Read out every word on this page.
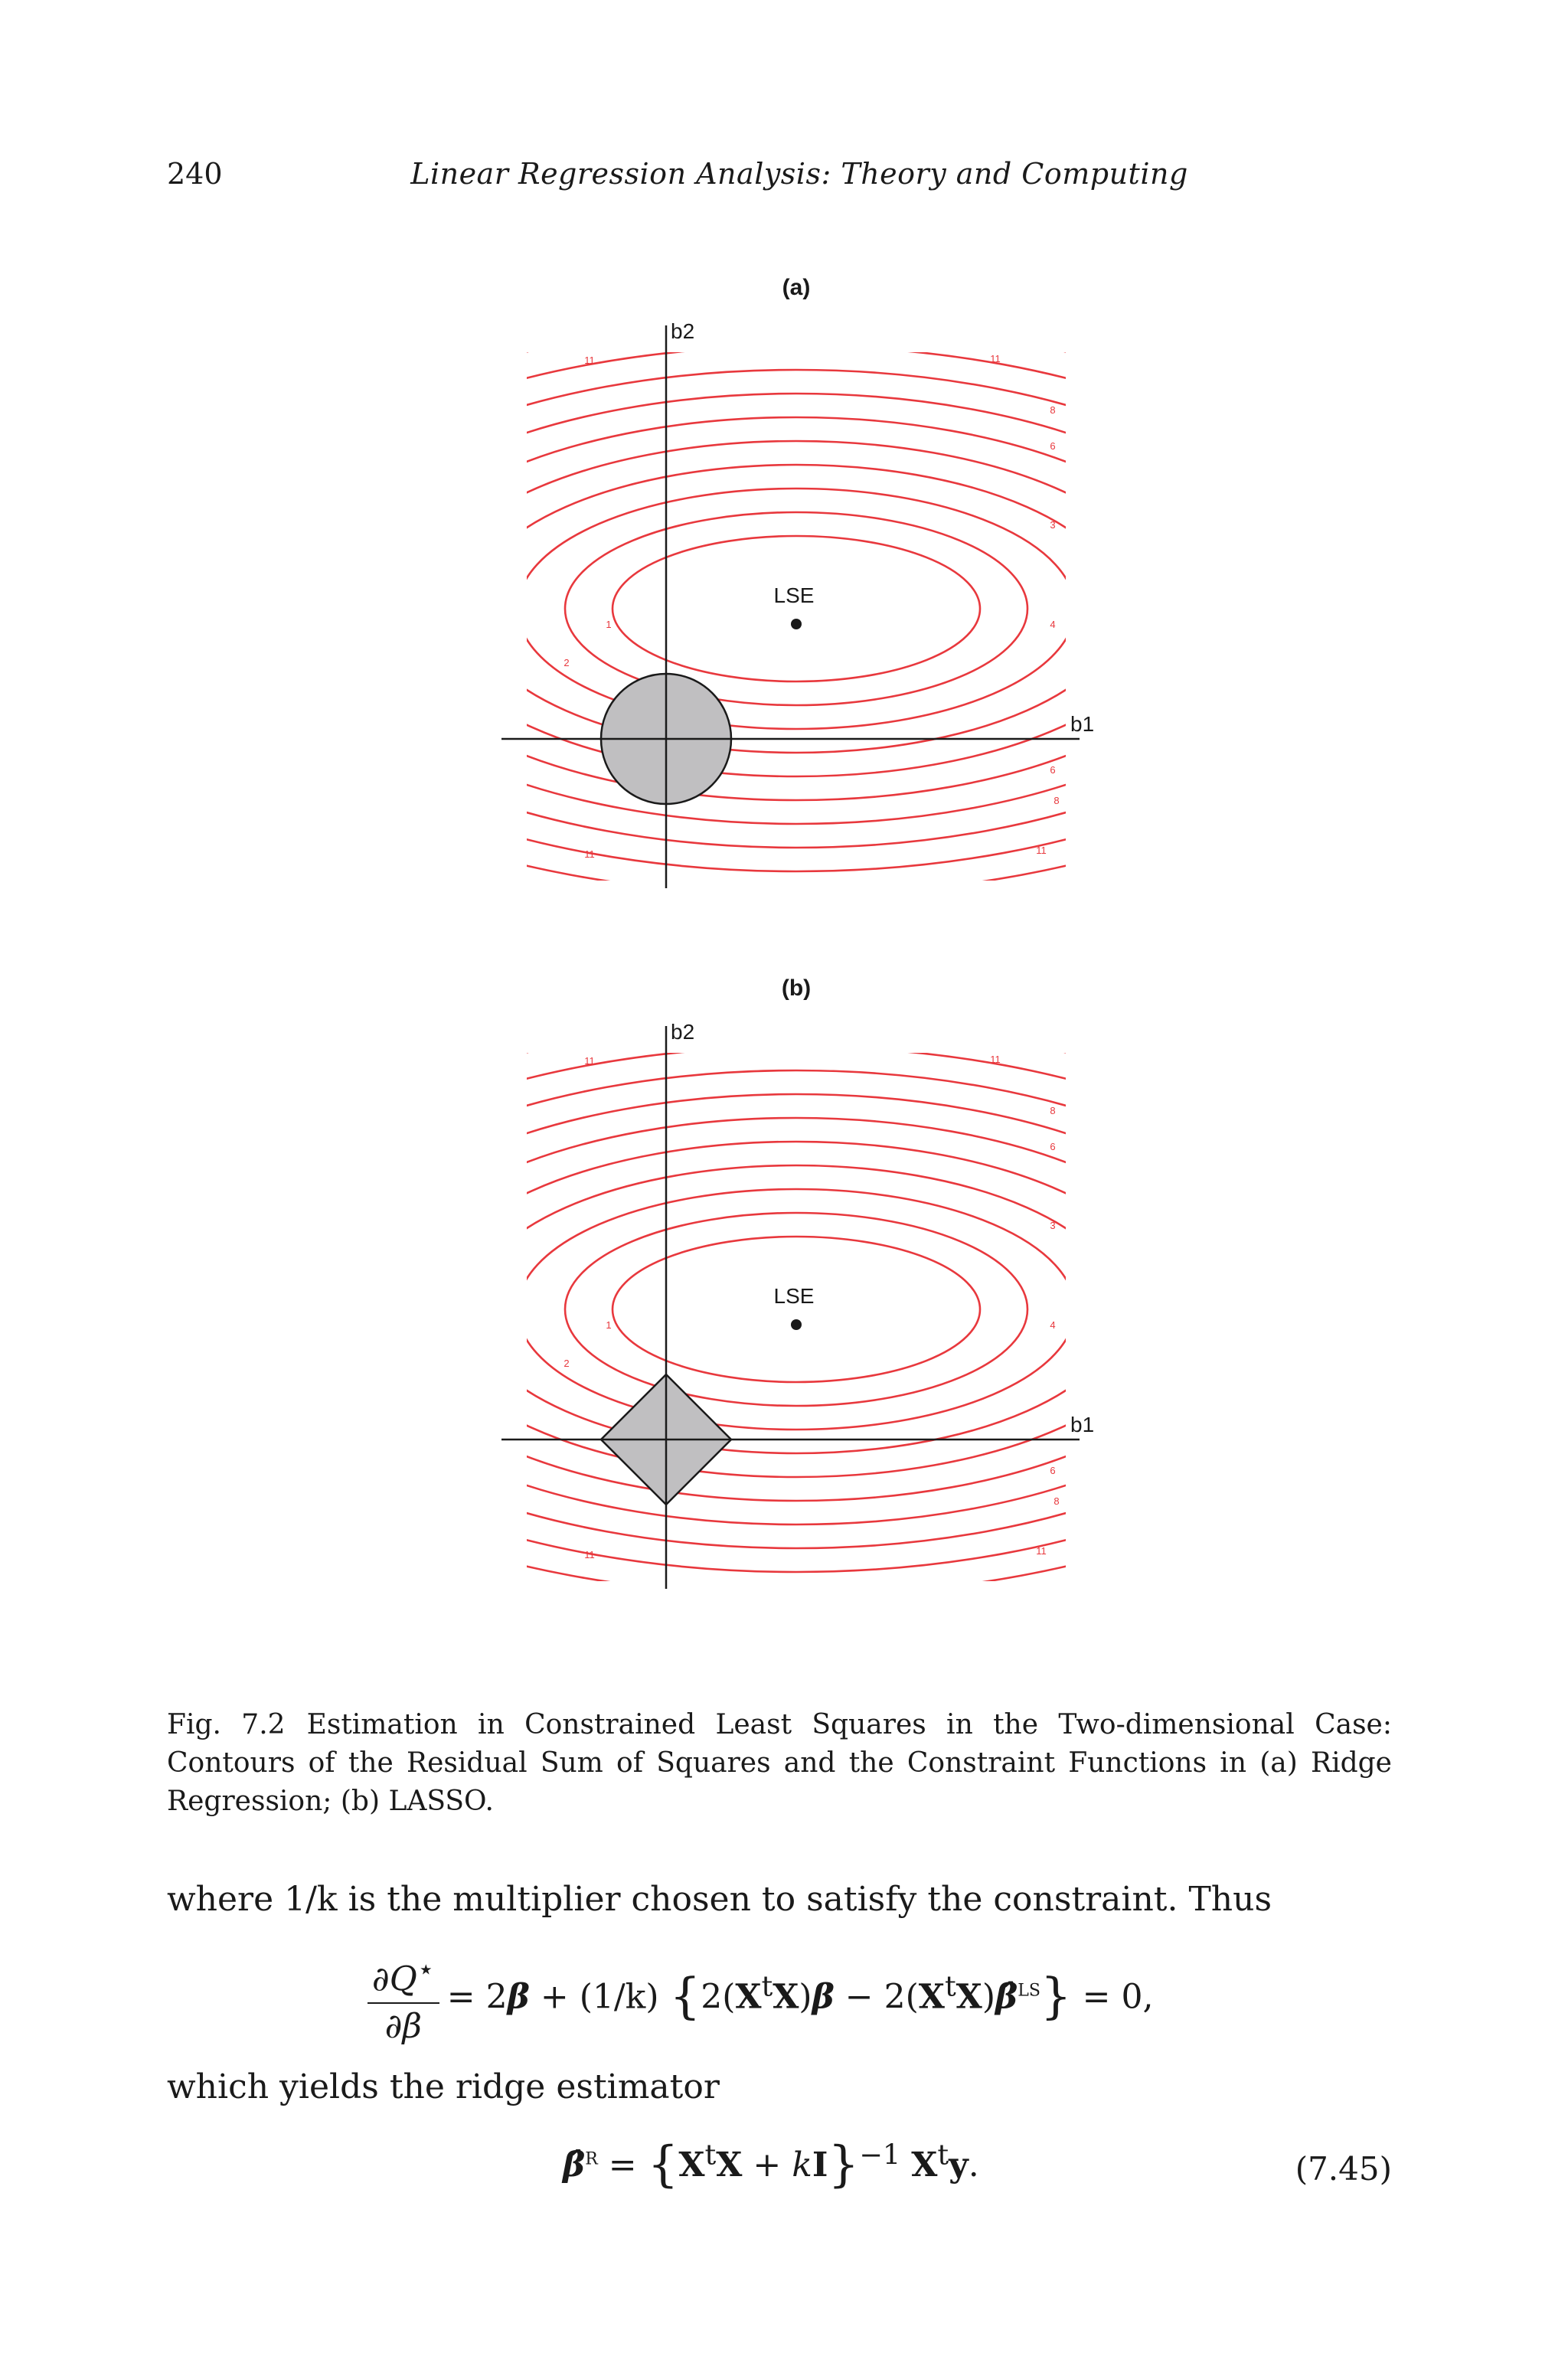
240	Linear Regression Analysis: Theory and Computing
1
2
3
4
6
8
11	11
6
8
11	11
b1
b2
LSE
(a)
1
2
3
4
6
8
11	11
6
8
11	11
b1
b2
LSE
(b)
Fig. 7.2 Estimation in Constrained Least Squares in the Two-dimensional Case: Contours of the Residual Sum of Squares and the Constraint Functions in (a) Ridge Regression; (b) LASSO.
where 1/k is the multiplier chosen to satisfy the constraint. Thus
$\frac{\partial Q^⋆}{\partial\beta} = 2\beta + (1/k) \{2(X^tX)\beta$ − $2(X^tX)\betâ^{LS}\} = 0$,
which yields the ridge estimator
β̂$^R$ = $\{X^tX + kI\}^{-1}$ $X^ty$.	(7.45)
